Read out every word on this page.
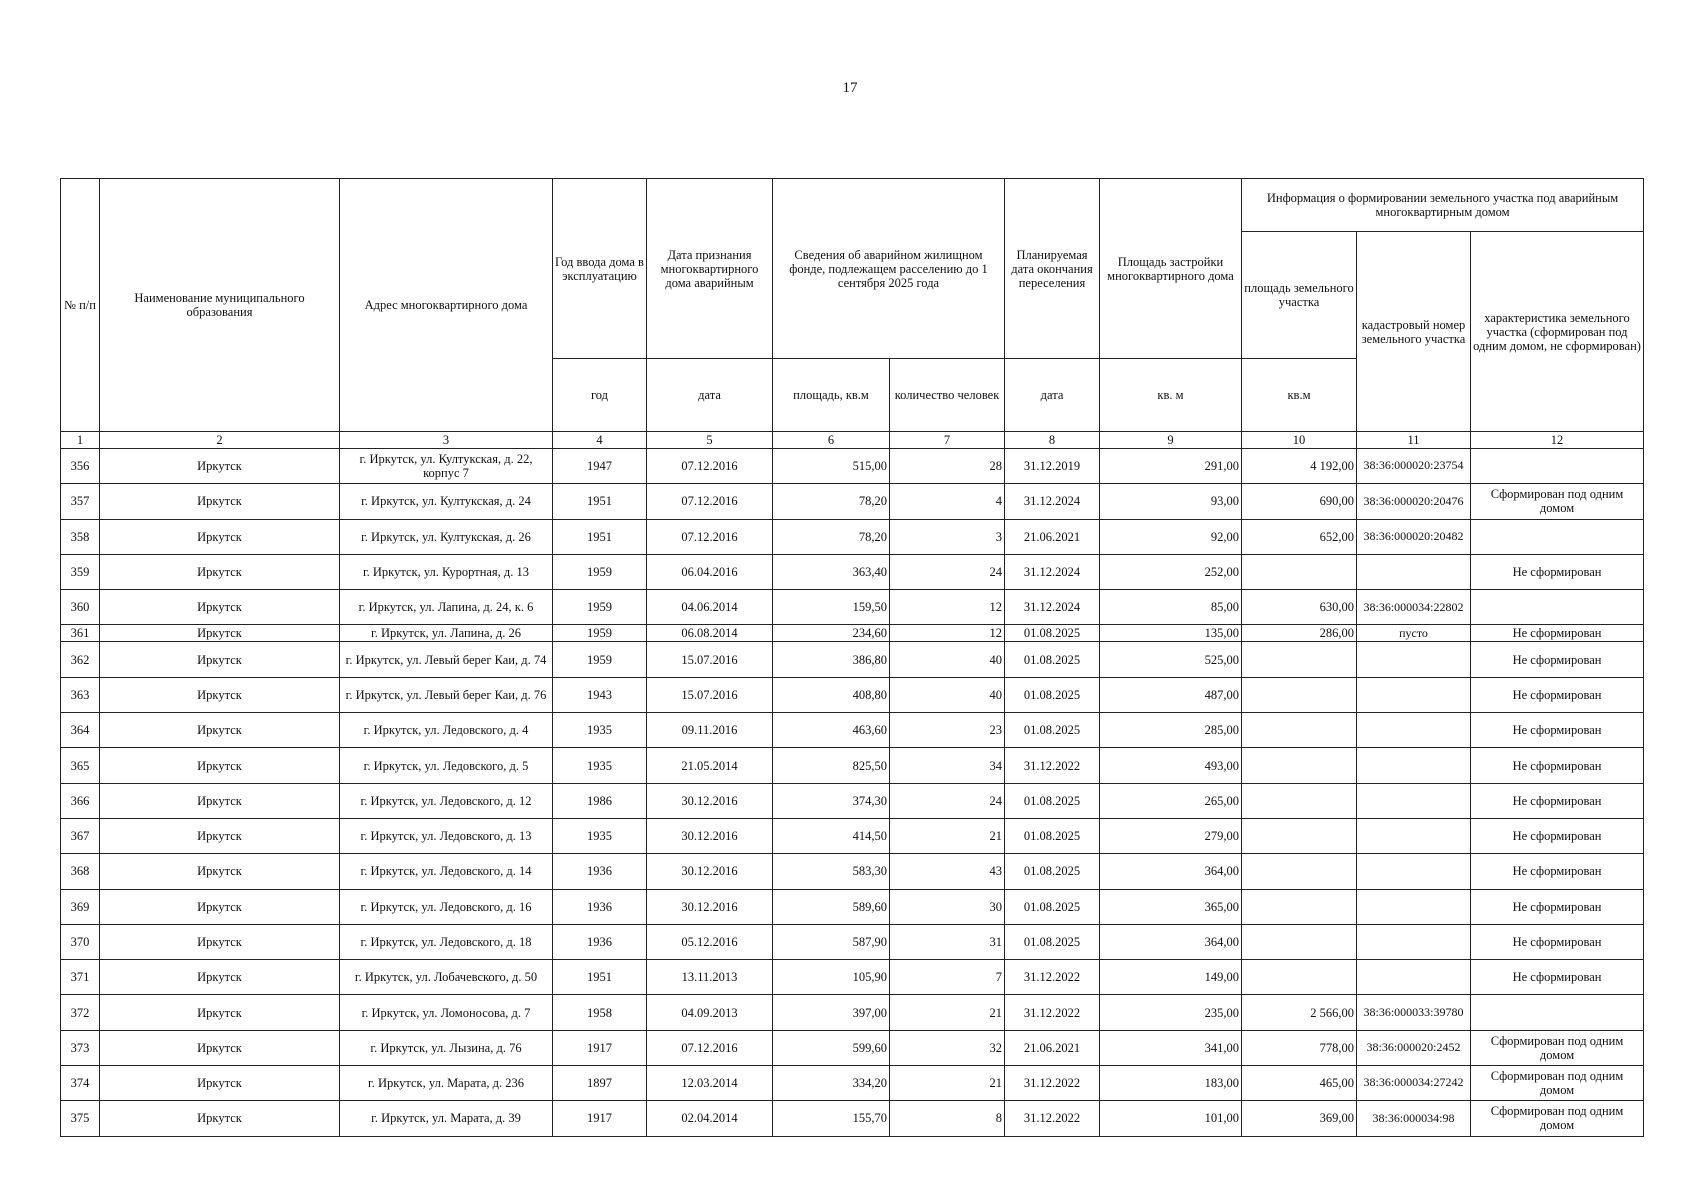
17
№ п/п	Наименование муниципального образования	Адрес многоквартирного дома	Год ввода дома в эксплуатацию	Дата признания многоквартирного дома аварийным	Сведения об аварийном жилищном фонде, подлежащем расселению до 1 сентября 2025 года		Планируемая дата окончания переселения	Площадь застройки многоквартирного дома	Информация о формировании земельного участка под аварийным многоквартирным домом		
									площадь земельного участка	кадастровый номер земельного участка	характеристика земельного участка (сформирован под одним домом, не сформирован)
			год	дата	площадь, кв.м	количество человек	дата	кв. м	кв.м		
1	2	3	4	5	6	7	8	9	10	11	12
356	Иркутск	г. Иркутск, ул. Култукская, д. 22, корпус 7	1947	07.12.2016	515,00	28	31.12.2019	291,00	4 192,00	38:36:000020:23754	
357	Иркутск	г. Иркутск, ул. Култукская, д. 24	1951	07.12.2016	78,20	4	31.12.2024	93,00	690,00	38:36:000020:20476	Сформирован под одним домом
358	Иркутск	г. Иркутск, ул. Култукская, д. 26	1951	07.12.2016	78,20	3	21.06.2021	92,00	652,00	38:36:000020:20482	
359	Иркутск	г. Иркутск, ул. Курортная, д. 13	1959	06.04.2016	363,40	24	31.12.2024	252,00			Не сформирован
360	Иркутск	г. Иркутск, ул. Лапина, д. 24, к. 6	1959	04.06.2014	159,50	12	31.12.2024	85,00	630,00	38:36:000034:22802	
361	Иркутск	г. Иркутск, ул. Лапина, д. 26	1959	06.08.2014	234,60	12	01.08.2025	135,00	286,00	пусто	Не сформирован
362	Иркутск	г. Иркутск, ул. Левый берег Каи, д. 74	1959	15.07.2016	386,80	40	01.08.2025	525,00			Не сформирован
363	Иркутск	г. Иркутск, ул. Левый берег Каи, д. 76	1943	15.07.2016	408,80	40	01.08.2025	487,00			Не сформирован
364	Иркутск	г. Иркутск, ул. Ледовского, д. 4	1935	09.11.2016	463,60	23	01.08.2025	285,00			Не сформирован
365	Иркутск	г. Иркутск, ул. Ледовского, д. 5	1935	21.05.2014	825,50	34	31.12.2022	493,00			Не сформирован
366	Иркутск	г. Иркутск, ул. Ледовского, д. 12	1986	30.12.2016	374,30	24	01.08.2025	265,00			Не сформирован
367	Иркутск	г. Иркутск, ул. Ледовского, д. 13	1935	30.12.2016	414,50	21	01.08.2025	279,00			Не сформирован
368	Иркутск	г. Иркутск, ул. Ледовского, д. 14	1936	30.12.2016	583,30	43	01.08.2025	364,00			Не сформирован
369	Иркутск	г. Иркутск, ул. Ледовского, д. 16	1936	30.12.2016	589,60	30	01.08.2025	365,00			Не сформирован
370	Иркутск	г. Иркутск, ул. Ледовского, д. 18	1936	05.12.2016	587,90	31	01.08.2025	364,00			Не сформирован
371	Иркутск	г. Иркутск, ул. Лобачевского, д. 50	1951	13.11.2013	105,90	7	31.12.2022	149,00			Не сформирован
372	Иркутск	г. Иркутск, ул. Ломоносова, д. 7	1958	04.09.2013	397,00	21	31.12.2022	235,00	2 566,00	38:36:000033:39780	
373	Иркутск	г. Иркутск, ул. Лызина, д. 76	1917	07.12.2016	599,60	32	21.06.2021	341,00	778,00	38:36:000020:2452	Сформирован под одним домом
374	Иркутск	г. Иркутск, ул. Марата, д. 236	1897	12.03.2014	334,20	21	31.12.2022	183,00	465,00	38:36:000034:27242	Сформирован под одним домом
375	Иркутск	г. Иркутск, ул. Марата, д. 39	1917	02.04.2014	155,70	8	31.12.2022	101,00	369,00	38:36:000034:98	Сформирован под одним домом
